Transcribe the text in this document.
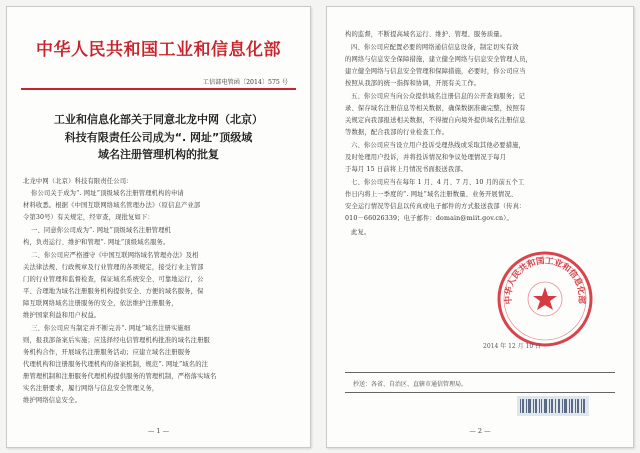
中华人民共和国工业和信息化部
工信部电管函〔2014〕575 号
工业和信息化部关于同意北龙中网（北京）
科技有限责任公司成为“. 网址”顶级域
域名注册管理机构的批复
北龙中网（北京）科技有限责任公司：
你公司关于成为“. 网址”顶级域名注册管理机构的申请
材料收悉。根据《中国互联网络域名管理办法》（原信息产业部
令第30号）有关规定，经审查，现批复如下：
一、同意你公司成为“. 网址”顶级域名注册管理机
构，负责运行、维护和管理“. 网址”顶级域名服务。
二、你公司应严格遵守《中国互联网络域名管理办法》及相
关法律法规、行政规章及行业管理的各项规定，接受行业主管部
门的行业管理和监督检查，保证域名系统安全、可靠地运行，公
平、合理地为域名注册服务机构提供安全、方便的域名服务，保
障互联网络域名注册服务的安全，依法维护注册服务，
维护国家利益和用户权益。
三、你公司应当制定并不断完善“. 网址”域名注册实施细
则，报我部备案后实施；应选择经电信管理机构批准的域名注册服
务机构合作，开展域名注册服务活动；应建立域名注册服务
代理机构和注册服务代理机构的备案机制，规范“. 网址”域名的注
册管理机制和注册服务代理机构提供服务的管理机制，严格落实域名
实名注册要求，履行网络与信息安全管理义务，
维护网络信息安全。
— 1 —
构的监督，不断提高域名运行、维护、管理、服务质量。
四、你公司应配置必要的网络通信信息设备，制定切实有效
的网络与信息安全保障措施，建立健全网络与信息安全管理人员，
建立健全网络与信息安全管理和保障措施，必要时，你公司应当
按照从我部的统一指挥和协调，开展有关工作。
五、你公司应当向公众提供域名注册信息的公开查询服务；记
录、保存域名注册信息等相关数据，确保数据准确完整，按照有
关规定向我部报送相关数据，不得擅自向境外提供域名注册信息
等数据，配合我部的行业检查工作。
六、你公司应当设立用户投诉受理热线或采取其他必要措施，
及时处理用户投诉，并将投诉情况和争议处理情况于每月
于每月 15 日前将上月情况书面报送我部。
七、你公司应当在每年 1 月、4 月、7 月、10 月的前五个工
作日内将上一季度的“. 网址”域名注册数量、业务开展情况、
安全运行情况等信息以传真或电子邮件的方式报送我部（传真：
010－66026339；电子邮件：domain@miit.gov.cn）。
此复。
中华人民共和国工业和信息化部
2014 年 12 月 10 日
抄送：各省、自治区、直辖市通信管理局。
— 2 —
